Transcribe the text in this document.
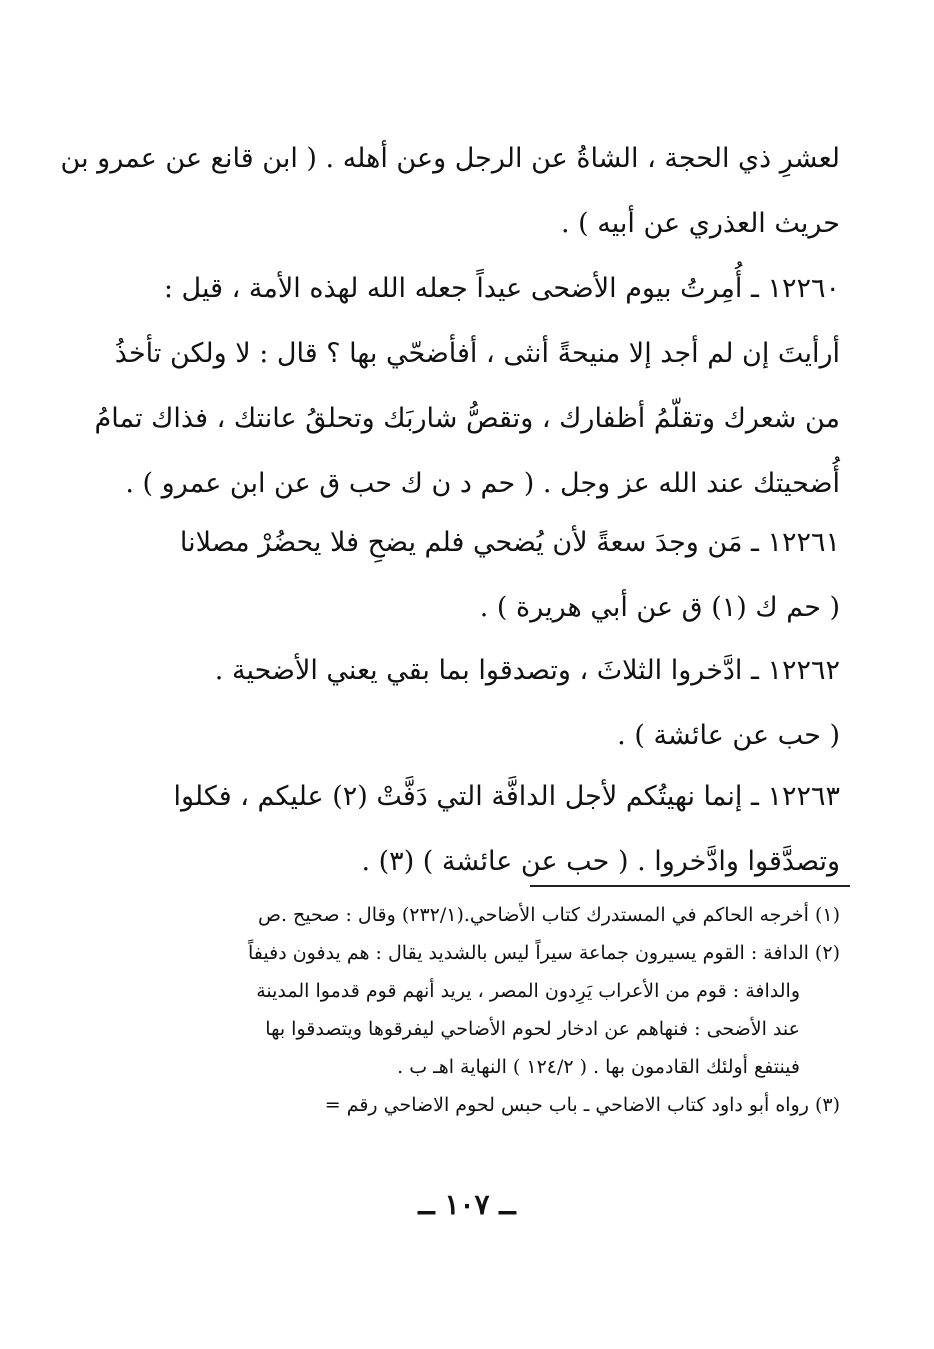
لعشرِ ذي الحجة ، الشاةُ عن الرجل وعن أهله . ( ابن قانع عن عمرو بن

حريث العذري عن أبيه ) .

١٢٢٦٠ ـ أُمِرتُ بيوم الأضحى عيداً جعله الله لهذه الأمة ، قيل :

أرأيتَ إن لم أجد إلا منيحةً أنثى ، أفأضحّي بها ؟ قال : لا ولكن تأخذُ

من شعرك وتقلّمُ أظفارك ، وتقصُّ شاربَك وتحلقُ عانتك ، فذاك تمامُ

أُضحيتك عند الله عز وجل . ( حم د ن ك حب ق عن ابن عمرو ) .

١٢٢٦١ ـ مَن وجدَ سعةً لأن يُضحي فلم يضحِ فلا يحضُرْ مصلانا

( حم ك (١) ق عن أبي هريرة ) .

١٢٢٦٢ ـ ادَّخروا الثلاثَ ، وتصدقوا بما بقي يعني الأضحية .

( حب عن عائشة ) .

١٢٢٦٣ ـ إنما نهيتُكم لأجل الدافَّة التي دَفَّتْ (٢) عليكم ، فكلوا

وتصدَّقوا وادَّخروا . ( حب عن عائشة ) (٣) .

(١) أخرجه الحاكم في المستدرك كتاب الأضاحي.(٢٣٢/١) وقال : صحيح .ص

(٢) الدافة : القوم يسيرون جماعة سيراً ليس بالشديد يقال : هم يدفون دفيفاً

والدافة : قوم من الأعراب يَرِدون المصر ، يريد أنهم قوم قدموا المدينة

عند الأضحى : فنهاهم عن ادخار لحوم الأضاحي ليفرقوها ويتصدقوا بها

فينتفع أولئك القادمون بها . ( ١٢٤/٢ ) النهاية اهـ ب .

(٣) رواه أبو داود كتاب الاضاحي ـ باب حبس لحوم الاضاحي رقم =

ــ ١٠٧ ــ
